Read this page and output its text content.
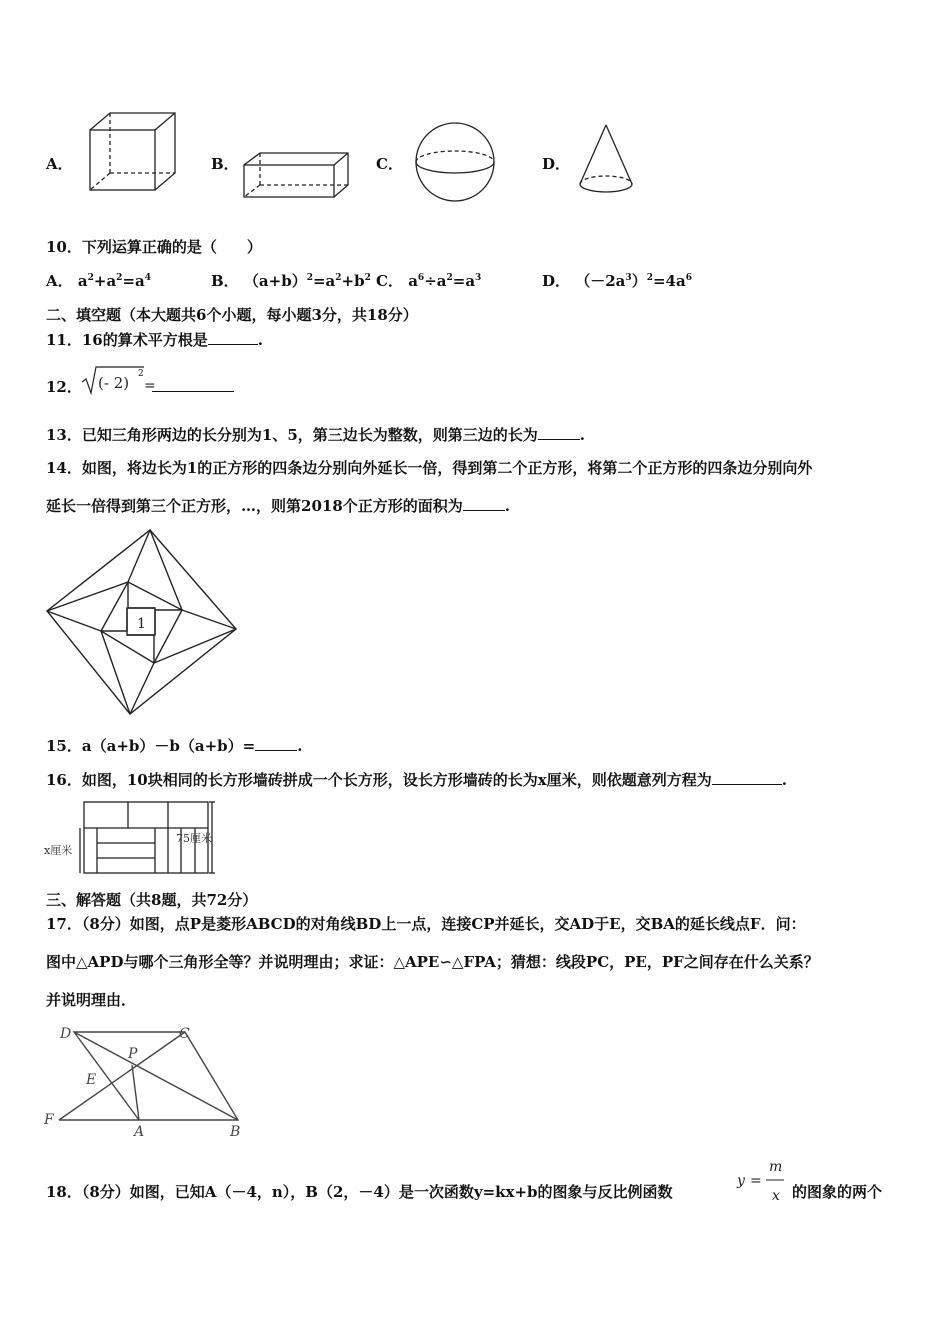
A．	B．	C．	D．
10．下列运算正确的是（　　）
A． $a^2+a^2=a^4$	B． $(a+b)^2=a^2+b^2$ C． $a^6\div a^2=a^3$	D． $(-2a^3)^2=4a^6$
二、填空题（本大题共6个小题，每小题3分，共18分）
11．16的算术平方根是	.
12． (- 2) 2
=
13．已知三角形两边的长分别为1、5，第三边长为整数，则第三边的长为	.
14．如图，将边长为1的正方形的四条边分别向外延长一倍，得到第二个正方形，将第二个正方形的四条边分别向外
延长一倍得到第三个正方形，…，则第2018个正方形的面积为	.
1
15．a（a+b）－b（a+b）=	.
16．如图，10块相同的长方形墙砖拼成一个长方形，设长方形墙砖的长为x厘米，则依题意列方程为	.
75厘米
x厘米
三、解答题（共8题，共72分）
17．（8分）如图，点P是菱形ABCD的对角线BD上一点，连接CP并延长，交AD于E，交BA的延长线点F．问：
图中△APD与哪个三角形全等？并说明理由；求证：△APE∽△FPA；猜想：线段PC，PE，PF之间存在什么关系？
并说明理由．
D	C
P
E
F
A	B
18．（8分）如图，已知A（－4，n），B（2，－4）是一次函数y=kx+b的图象与反比例函数
y =
m
x 的图象的两个
